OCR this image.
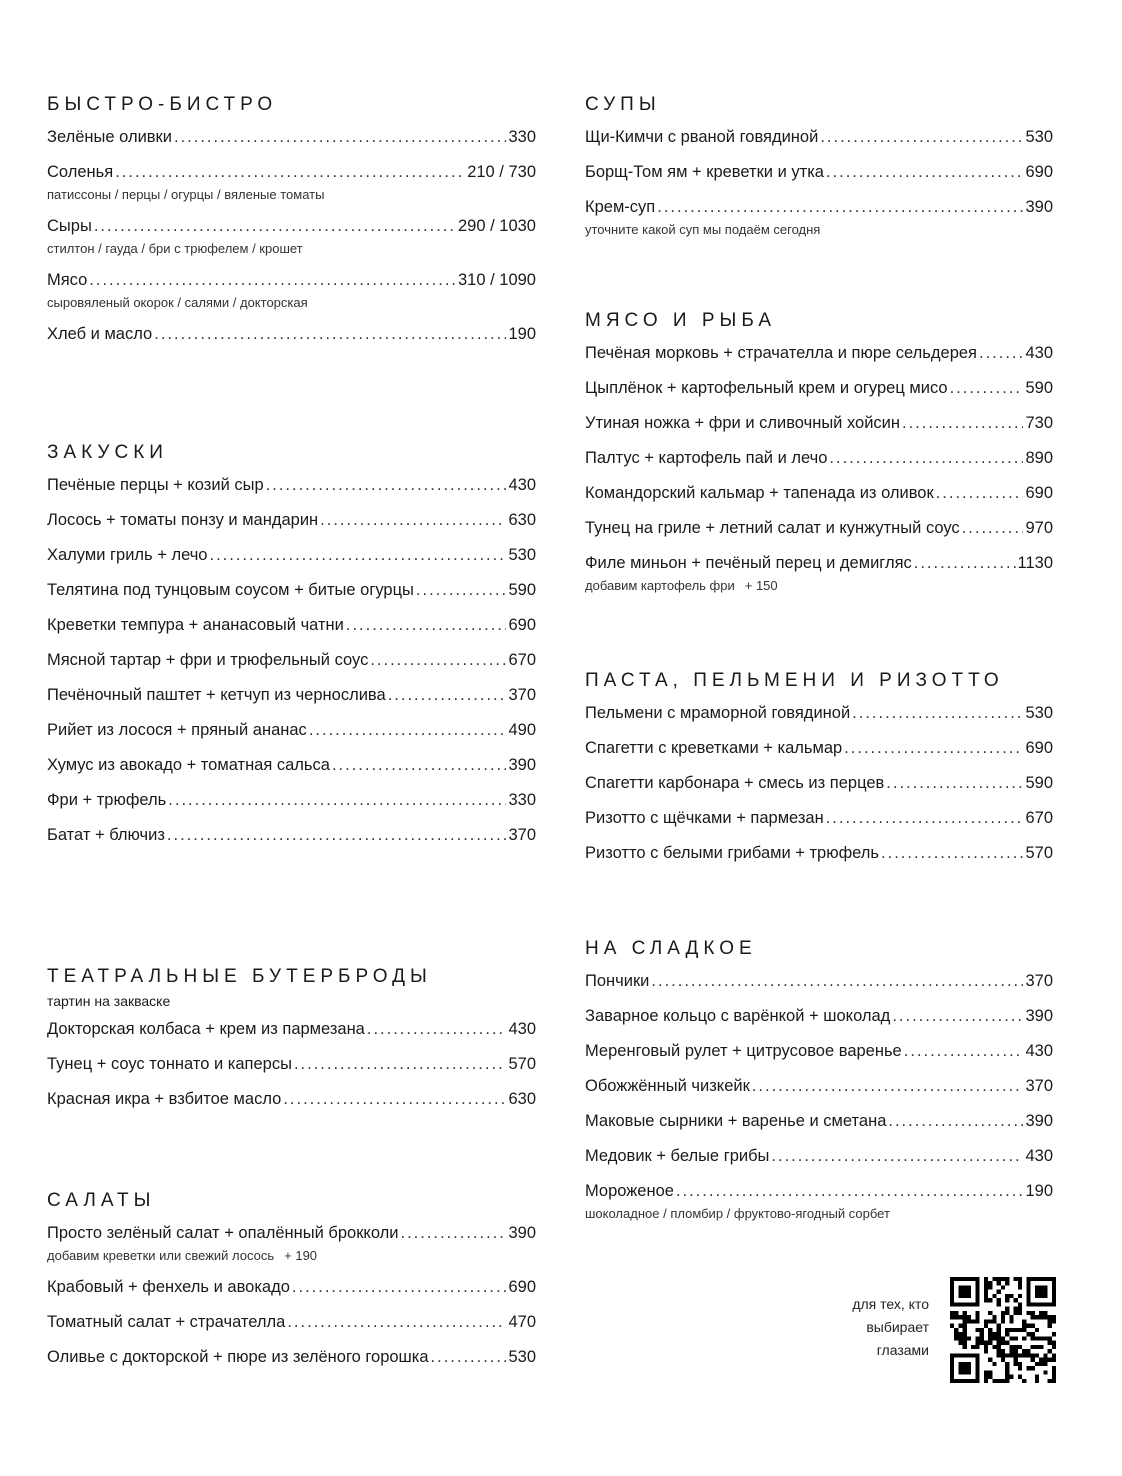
БЫСТРО-БИСТРО
Зелёные оливки .....	330
Соленья .....	210 / 730
патиссоны / перцы / огурцы / вяленые томаты
Сыры .....	290 / 1030
стилтон / гауда / бри с трюфелем / крошет
Мясо .....	310 / 1090
сыровяленый окорок / салями / докторская
Хлеб и масло .....	190
ЗАКУСКИ
Печёные перцы + козий сыр .....	430
Лосось + томаты понзу и мандарин .....	630
Халуми гриль + лечо .....	530
Телятина под тунцовым соусом + битые огурцы .....	590
Креветки темпура + ананасовый чатни .....	690
Мясной тартар + фри и трюфельный соус .....	670
Печёночный паштет + кетчуп из чернослива .....	370
Рийет из лосося + пряный ананас .....	490
Хумус из авокадо + томатная сальса .....	390
Фри + трюфель .....	330
Батат + блючиз .....	370
ТЕАТРАЛЬНЫЕ БУТЕРБРОДЫ
тартин на закваске
Докторская колбаса + крем из пармезана .....	430
Тунец + соус тоннато и каперсы .....	570
Красная икра + взбитое масло .....	630
САЛАТЫ
Просто зелёный салат + опалённый брокколи .....	390
добавим креветки или свежий лосось + 190
Крабовый + фенхель и авокадо .....	690
Томатный салат + страчателла .....	470
Оливье с докторской + пюре из зелёного горошка .....	530
СУПЫ
Щи-Кимчи с рваной говядиной .....	530
Борщ-Том ям + креветки и утка .....	690
Крем-суп .....	390
уточните какой суп мы подаём сегодня
МЯСО И РЫБА
Печёная морковь + страчателла и пюре сельдерея .....	430
Цыплёнок + картофельный крем и огурец мисо .....	590
Утиная ножка + фри и сливочный хойсин .....	730
Палтус + картофель пай и лечо .....	890
Командорский кальмар + тапенада из оливок .....	690
Тунец на гриле + летний салат и кунжутный соус .....	970
Филе миньон + печёный перец и демигляс .....	1130
добавим картофель фри + 150
ПАСТА, ПЕЛЬМЕНИ И РИЗОТТО
Пельмени с мраморной говядиной .....	530
Спагетти с креветками + кальмар .....	690
Спагетти карбонара + смесь из перцев .....	590
Ризотто с щёчками + пармезан .....	670
Ризотто с белыми грибами + трюфель .....	570
НА СЛАДКОЕ
Пончики .....	370
Заварное кольцо с варёнкой + шоколад .....	390
Меренговый рулет + цитрусовое варенье .....	430
Обожжённый чизкейк .....	370
Маковые сырники + варенье и сметана .....	390
Медовик + белые грибы .....	430
Мороженое .....	190
шоколадное / пломбир / фруктово-ягодный сорбет
для тех, кто
выбирает
глазами
